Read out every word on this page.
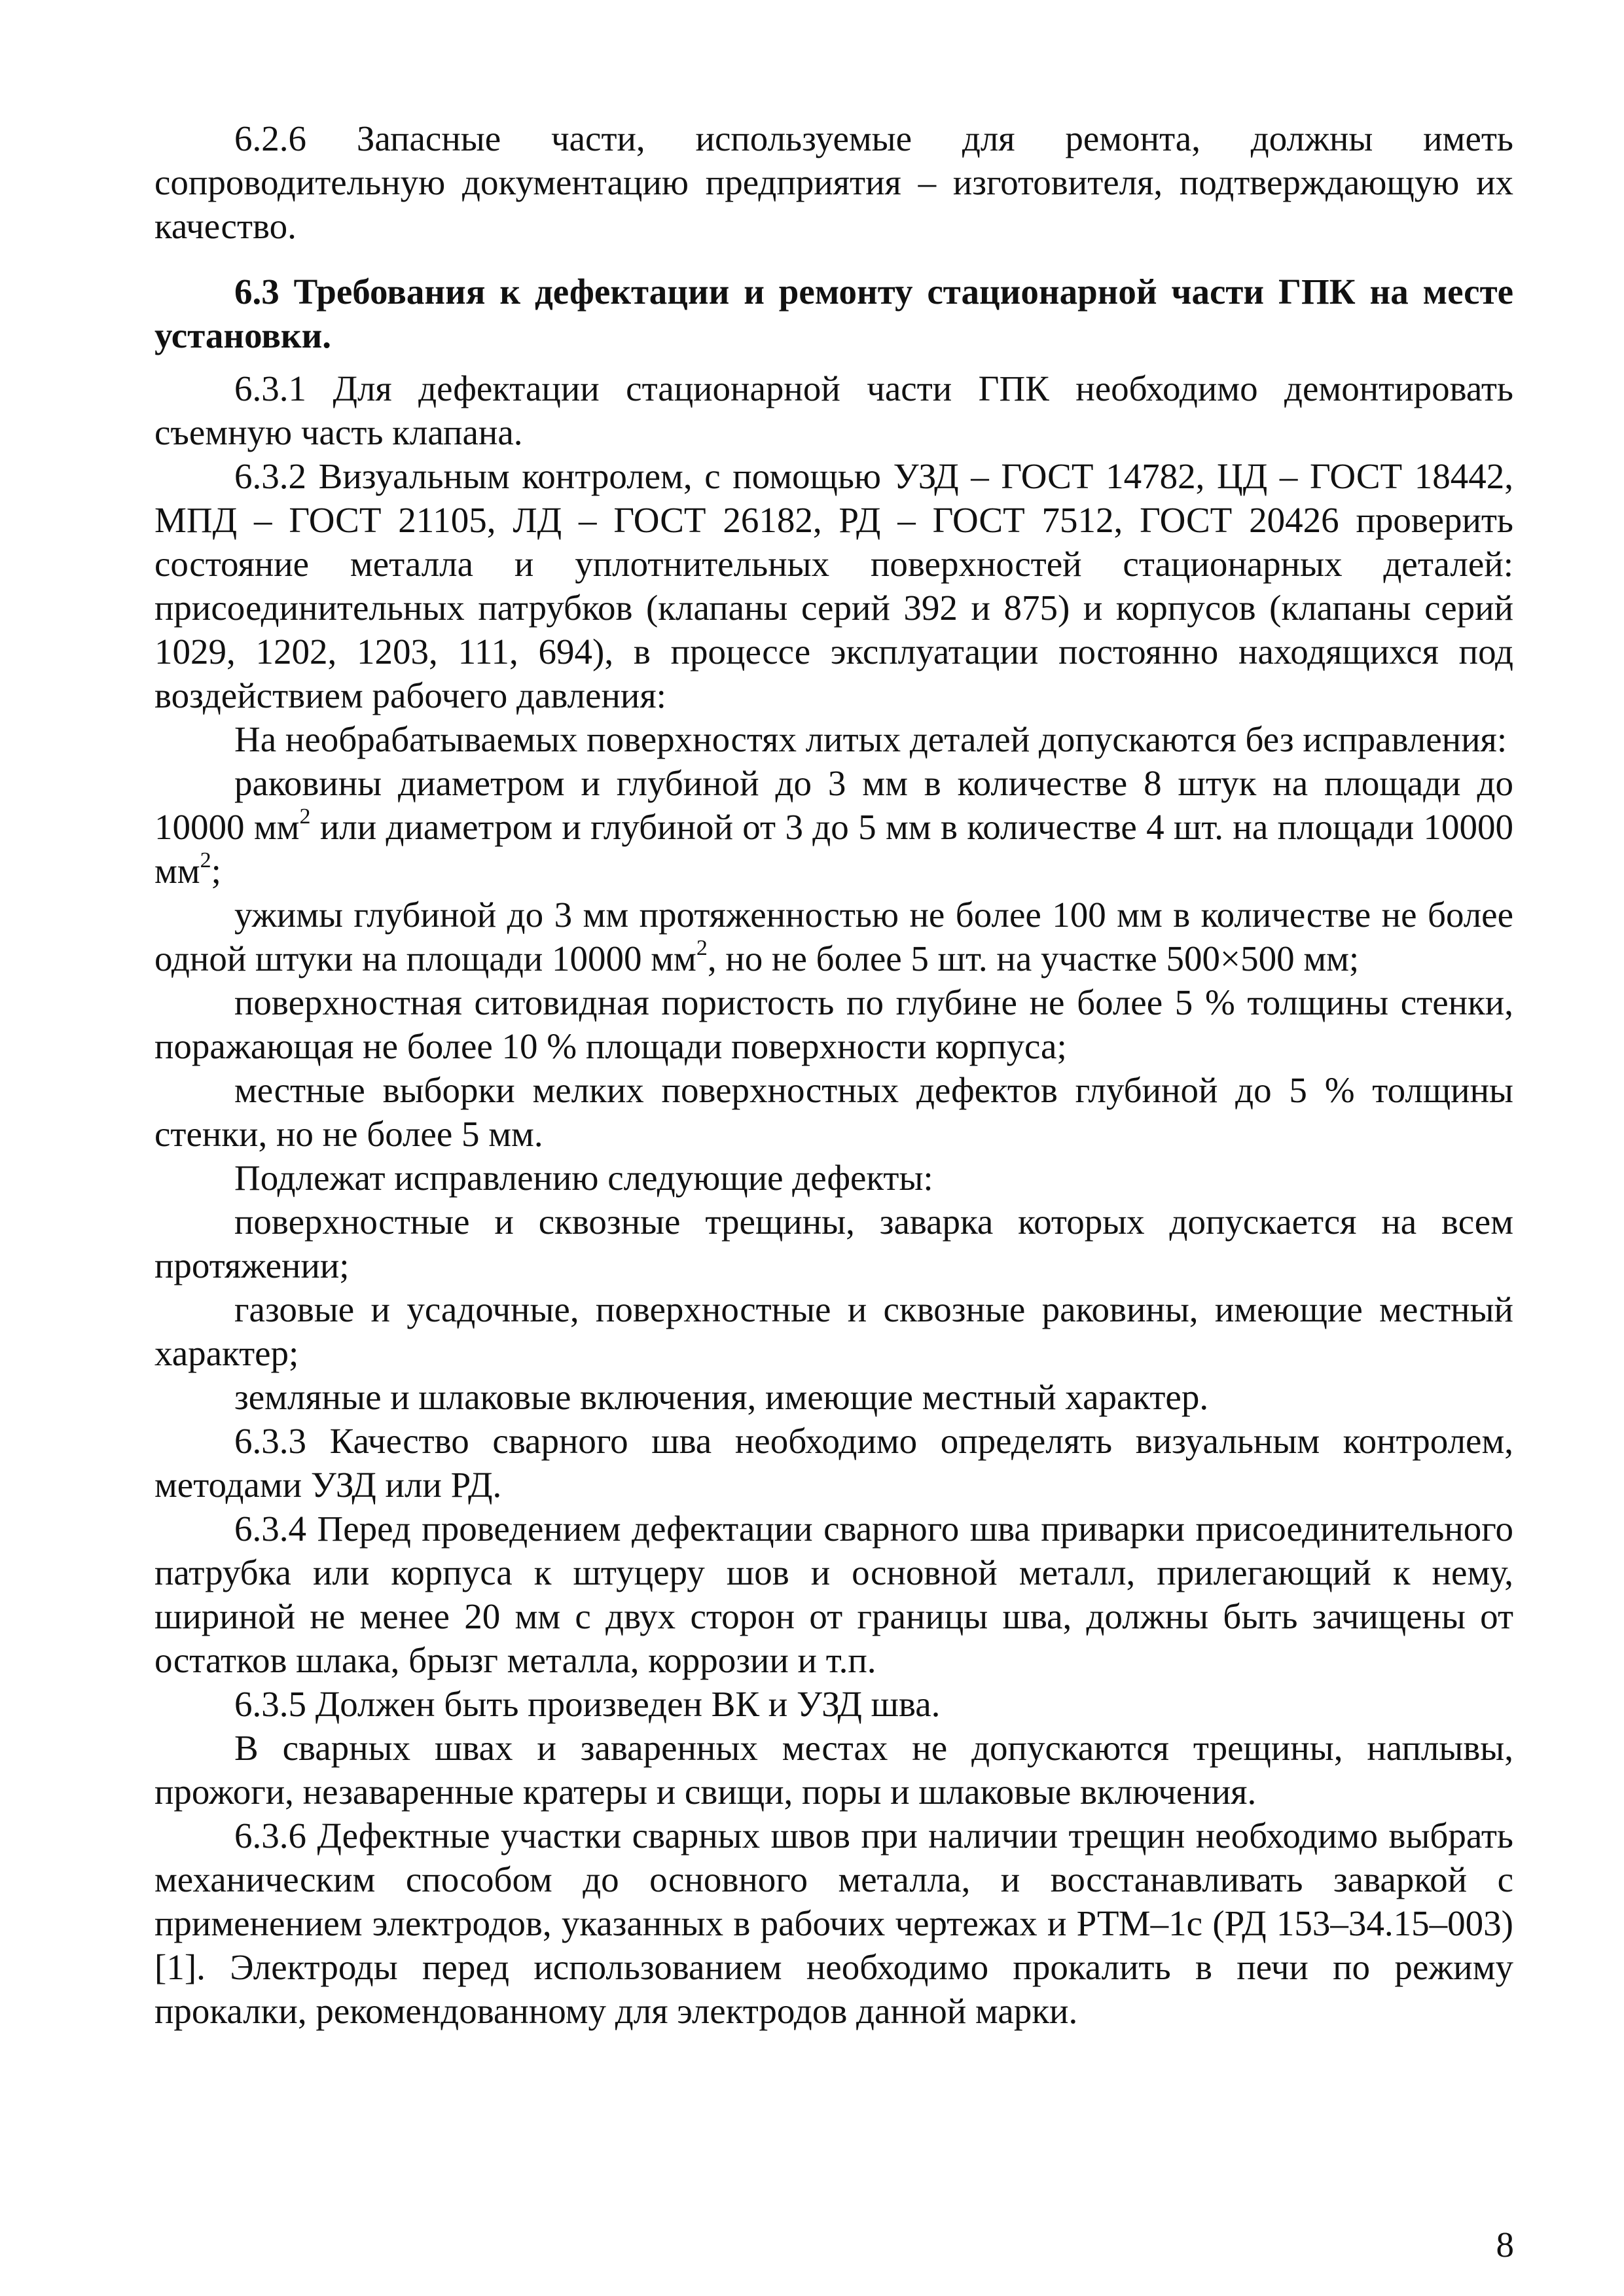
6.2.6 Запасные части, используемые для ремонта, должны иметь сопроводительную документацию предприятия – изготовителя, подтверждающую их качество.

6.3 Требования к дефектации и ремонту стационарной части ГПК на месте установки.

6.3.1 Для дефектации стационарной части ГПК необходимо демонтировать съемную часть клапана.

6.3.2 Визуальным контролем, с помощью УЗД – ГОСТ 14782, ЦД – ГОСТ 18442, МПД – ГОСТ 21105, ЛД – ГОСТ 26182, РД – ГОСТ 7512, ГОСТ 20426 проверить состояние металла и уплотнительных поверхностей стационарных деталей: присоединительных патрубков (клапаны серий 392 и 875) и корпусов (клапаны серий 1029, 1202, 1203, 111, 694), в процессе эксплуатации постоянно находящихся под воздействием рабочего давления:

На необрабатываемых поверхностях литых деталей допускаются без исправления:

раковины диаметром и глубиной до 3 мм в количестве 8 штук на площади до 10000 $мм^2$ или диаметром и глубиной от 3 до 5 мм в количестве 4 шт. на площади 10000 $мм^2$;

ужимы глубиной до 3 мм протяженностью не более 100 мм в количестве не более одной штуки на площади 10000 $мм^2$, но не более 5 шт. на участке 500×500 мм;

поверхностная ситовидная пористость по глубине не более 5 % толщины стенки, поражающая не более 10 % площади поверхности корпуса;

местные выборки мелких поверхностных дефектов глубиной до 5 % толщины стенки, но не более 5 мм.

Подлежат исправлению следующие дефекты:

поверхностные и сквозные трещины, заварка которых допускается на всем протяжении;

газовые и усадочные, поверхностные и сквозные раковины, имеющие местный характер;

земляные и шлаковые включения, имеющие местный характер.

6.3.3 Качество сварного шва необходимо определять визуальным контролем, методами УЗД или РД.

6.3.4 Перед проведением дефектации сварного шва приварки присоединительного патрубка или корпуса к штуцеру шов и основной металл, прилегающий к нему, шириной не менее 20 мм с двух сторон от границы шва, должны быть зачищены от остатков шлака, брызг металла, коррозии и т.п.

6.3.5 Должен быть произведен ВК и УЗД шва.

В сварных швах и заваренных местах не допускаются трещины, наплывы, прожоги, незаваренные кратеры и свищи, поры и шлаковые включения.

6.3.6 Дефектные участки сварных швов при наличии трещин необходимо выбрать механическим способом до основного металла, и восстанавливать заваркой с применением электродов, указанных в рабочих чертежах и РТМ–1с (РД 153–34.15–003) [1]. Электроды перед использованием необходимо прокалить в печи по режиму прокалки, рекомендованному для электродов данной марки.

8
